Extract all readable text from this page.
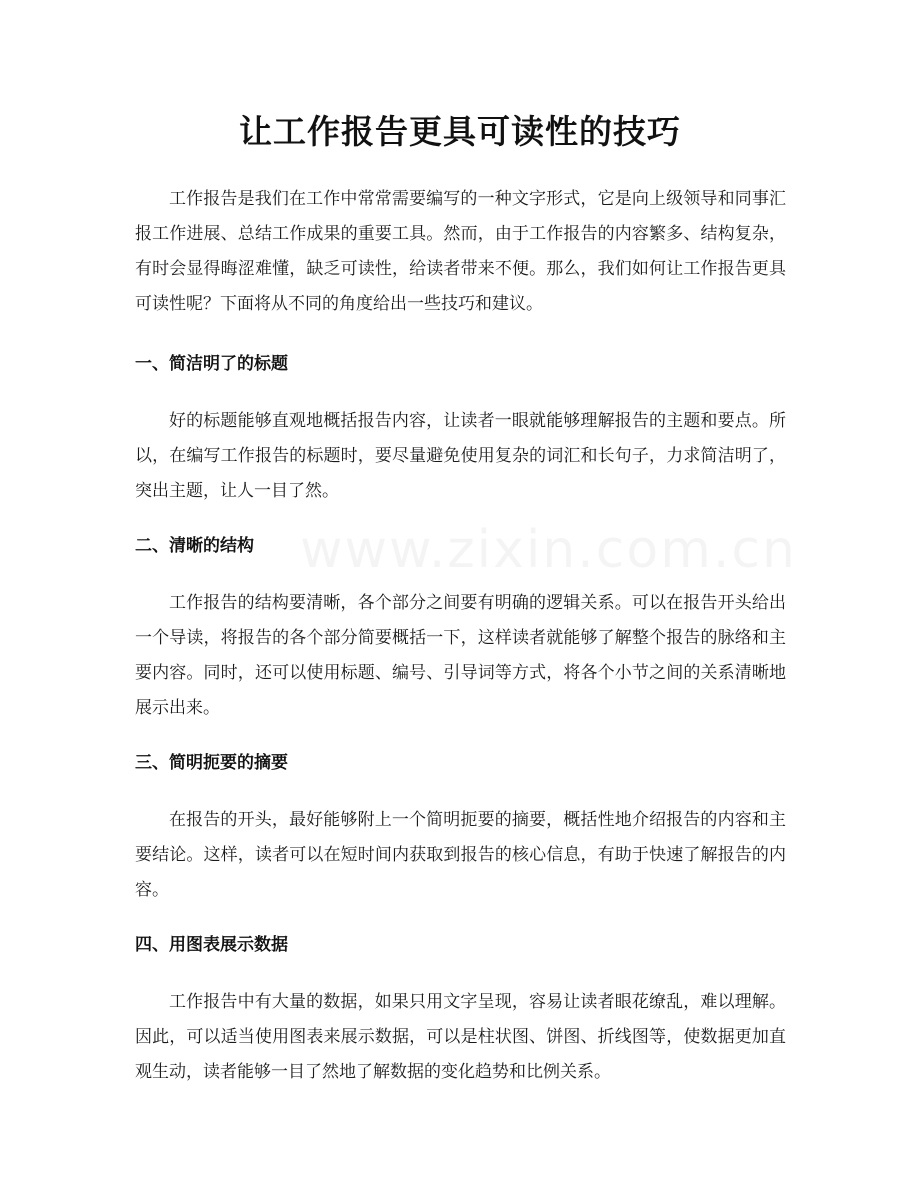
让工作报告更具可读性的技巧

工作报告是我们在工作中常常需要编写的一种文字形式，它是向上级领导和同事汇报工作进展、总结工作成果的重要工具。然而，由于工作报告的内容繁多、结构复杂，有时会显得晦涩难懂，缺乏可读性，给读者带来不便。那么，我们如何让工作报告更具可读性呢？下面将从不同的角度给出一些技巧和建议。

一、简洁明了的标题

好的标题能够直观地概括报告内容，让读者一眼就能够理解报告的主题和要点。所以，在编写工作报告的标题时，要尽量避免使用复杂的词汇和长句子，力求简洁明了，突出主题，让人一目了然。

二、清晰的结构

工作报告的结构要清晰，各个部分之间要有明确的逻辑关系。可以在报告开头给出一个导读，将报告的各个部分简要概括一下，这样读者就能够了解整个报告的脉络和主要内容。同时，还可以使用标题、编号、引导词等方式，将各个小节之间的关系清晰地展示出来。

三、简明扼要的摘要

在报告的开头，最好能够附上一个简明扼要的摘要，概括性地介绍报告的内容和主要结论。这样，读者可以在短时间内获取到报告的核心信息，有助于快速了解报告的内容。

四、用图表展示数据

工作报告中有大量的数据，如果只用文字呈现，容易让读者眼花缭乱，难以理解。因此，可以适当使用图表来展示数据，可以是柱状图、饼图、折线图等，使数据更加直观生动，读者能够一目了然地了解数据的变化趋势和比例关系。
